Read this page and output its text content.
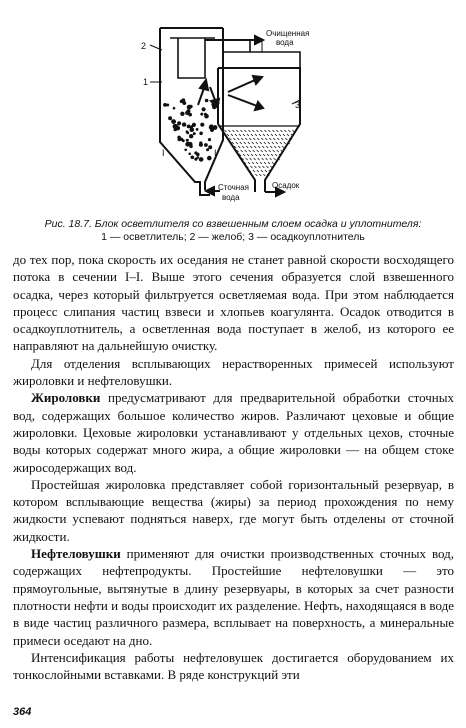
2
1
3
I	I
Очищенная
вода
Сточная
вода
Осадок
Рис. 18.7. Блок осветлителя со взвешенным слоем осадка и уплотнителя:
1 — осветлитель; 2 — желоб; 3 — осадкоуплотнитель

до тех пор, пока скорость их оседания не станет равной скорости восходящего потока в сечении I–I. Выше этого сечения образуется слой взвешенного осадка, через который фильтруется осветляемая вода. При этом наблюдается процесс слипания частиц взвеси и хлопьев коагулянта. Осадок отводится в осадкоуплотнитель, а осветленная вода поступает в желоб, из которого ее направляют на дальнейшую очистку.

Для отделения всплывающих нерастворенных примесей используют жироловки и нефтеловушки.

Жироловки предусматривают для предварительной обработки сточных вод, содержащих большое количество жиров. Различают цеховые и общие жироловки. Цеховые жироловки устанавливают у отдельных цехов, сточные воды которых содержат много жира, а общие жироловки — на общем стоке жиросодержащих вод.

Простейшая жироловка представляет собой горизонтальный резервуар, в котором всплывающие вещества (жиры) за период прохождения по нему жидкости успевают подняться наверх, где могут быть отделены от сточной жидкости.

Нефтеловушки применяют для очистки производственных сточных вод, содержащих нефтепродукты. Простейшие нефтеловушки — это прямоугольные, вытянутые в длину резервуары, в которых за счет разности плотности нефти и воды происходит их разделение. Нефть, находящаяся в воде в виде частиц различного размера, всплывает на поверхность, а минеральные примеси оседают на дно.

Интенсификация работы нефтеловушек достигается оборудованием их тонкослойными вставками. В ряде конструкций эти

364
